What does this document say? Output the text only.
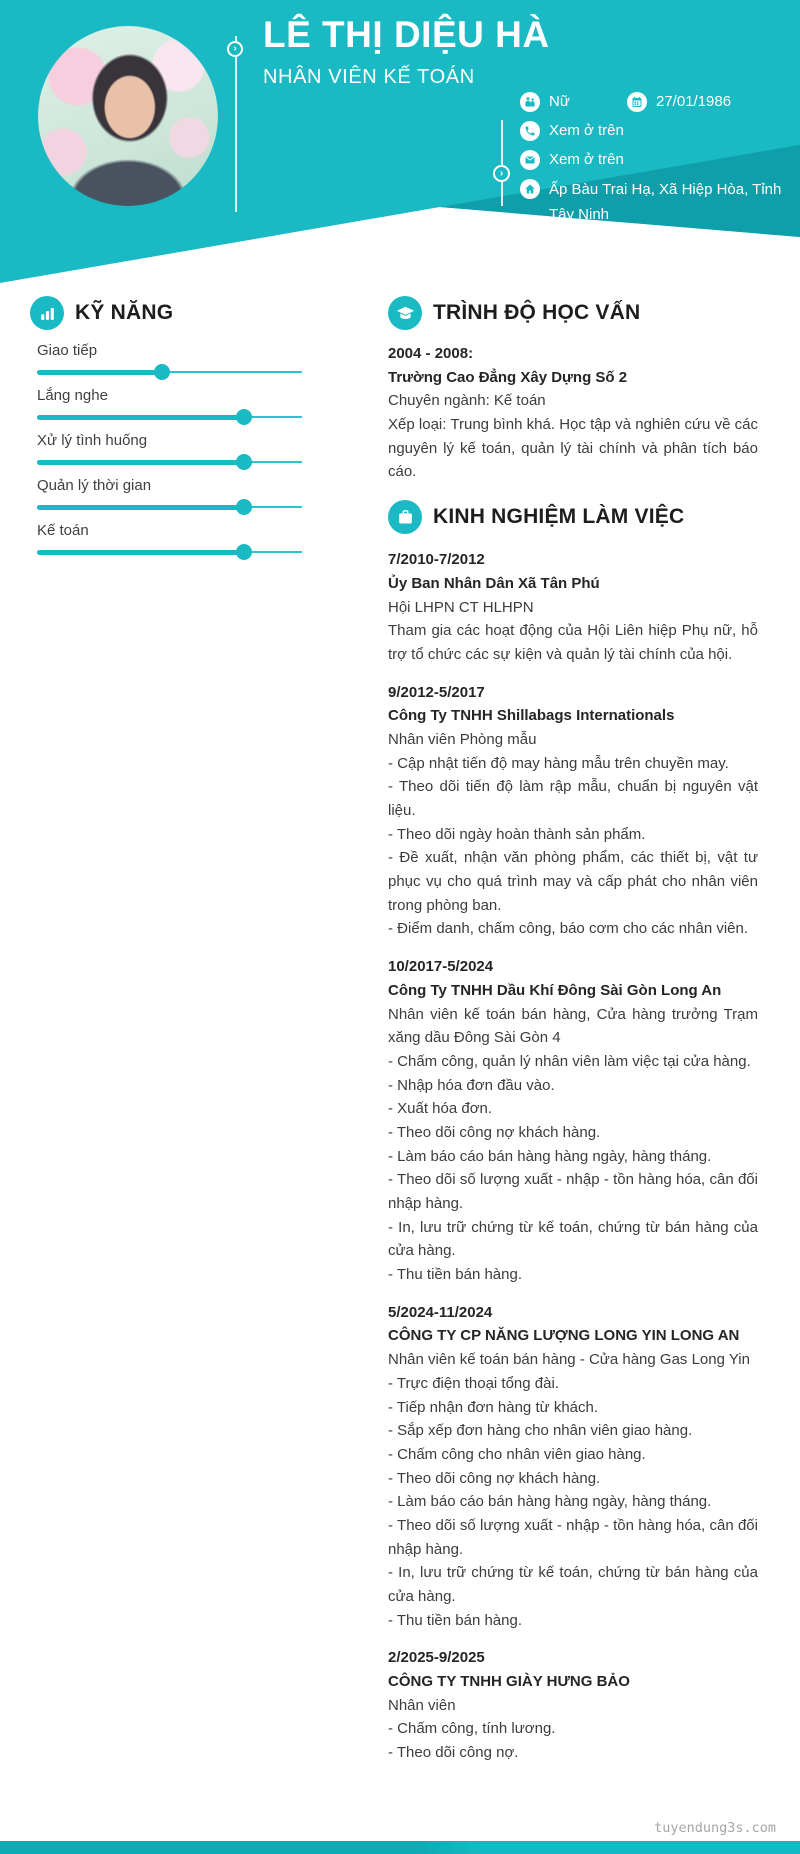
› LÊ THỊ DIỆU HÀ
NHÂN VIÊN KẾ TOÁN
›
Nữ	27/01/1986
Xem ở trên
Xem ở trên
Ấp Bàu Trai Hạ, Xã Hiệp Hòa, Tỉnh Tây Ninh
KỸ NĂNG
Giao tiếp
Lắng nghe
Xử lý tình huống
Quản lý thời gian
Kế toán
TRÌNH ĐỘ HỌC VẤN

2004 - 2008:

Trường Cao Đẳng Xây Dựng Số 2

Chuyên ngành: Kế toán

Xếp loại: Trung bình khá. Học tập và nghiên cứu về các nguyên lý kế toán, quản lý tài chính và phân tích báo cáo.

KINH NGHIỆM LÀM VIỆC

7/2010-7/2012

Ủy Ban Nhân Dân Xã Tân Phú

Hội LHPN CT HLHPN

Tham gia các hoạt động của Hội Liên hiệp Phụ nữ, hỗ trợ tổ chức các sự kiện và quản lý tài chính của hội.

9/2012-5/2017

Công Ty TNHH Shillabags Internationals

Nhân viên Phòng mẫu

- Cập nhật tiến độ may hàng mẫu trên chuyền may.

- Theo dõi tiến độ làm rập mẫu, chuẩn bị nguyên vật liệu.

- Theo dõi ngày hoàn thành sản phẩm.

- Đề xuất, nhận văn phòng phẩm, các thiết bị, vật tư phục vụ cho quá trình may và cấp phát cho nhân viên trong phòng ban.

- Điểm danh, chấm công, báo cơm cho các nhân viên.

10/2017-5/2024

Công Ty TNHH Dầu Khí Đông Sài Gòn Long An

Nhân viên kế toán bán hàng, Cửa hàng trưởng Trạm xăng dầu Đông Sài Gòn 4

- Chấm công, quản lý nhân viên làm việc tại cửa hàng.

- Nhập hóa đơn đầu vào.

- Xuất hóa đơn.

- Theo dõi công nợ khách hàng.

- Làm báo cáo bán hàng hàng ngày, hàng tháng.

- Theo dõi số lượng xuất - nhập - tồn hàng hóa, cân đối nhập hàng.

- In, lưu trữ chứng từ kế toán, chứng từ bán hàng của cửa hàng.

- Thu tiền bán hàng.

5/2024-11/2024

CÔNG TY CP NĂNG LƯỢNG LONG YIN LONG AN

Nhân viên kế toán bán hàng - Cửa hàng Gas Long Yin

- Trực điện thoại tổng đài.

- Tiếp nhận đơn hàng từ khách.

- Sắp xếp đơn hàng cho nhân viên giao hàng.

- Chấm công cho nhân viên giao hàng.

- Theo dõi công nợ khách hàng.

- Làm báo cáo bán hàng hàng ngày, hàng tháng.

- Theo dõi số lượng xuất - nhập - tồn hàng hóa, cân đối nhập hàng.

- In, lưu trữ chứng từ kế toán, chứng từ bán hàng của cửa hàng.

- Thu tiền bán hàng.

2/2025-9/2025

CÔNG TY TNHH GIÀY HƯNG BẢO

Nhân viên

- Chấm công, tính lương.

- Theo dõi công nợ.

tuyendung3s.com
